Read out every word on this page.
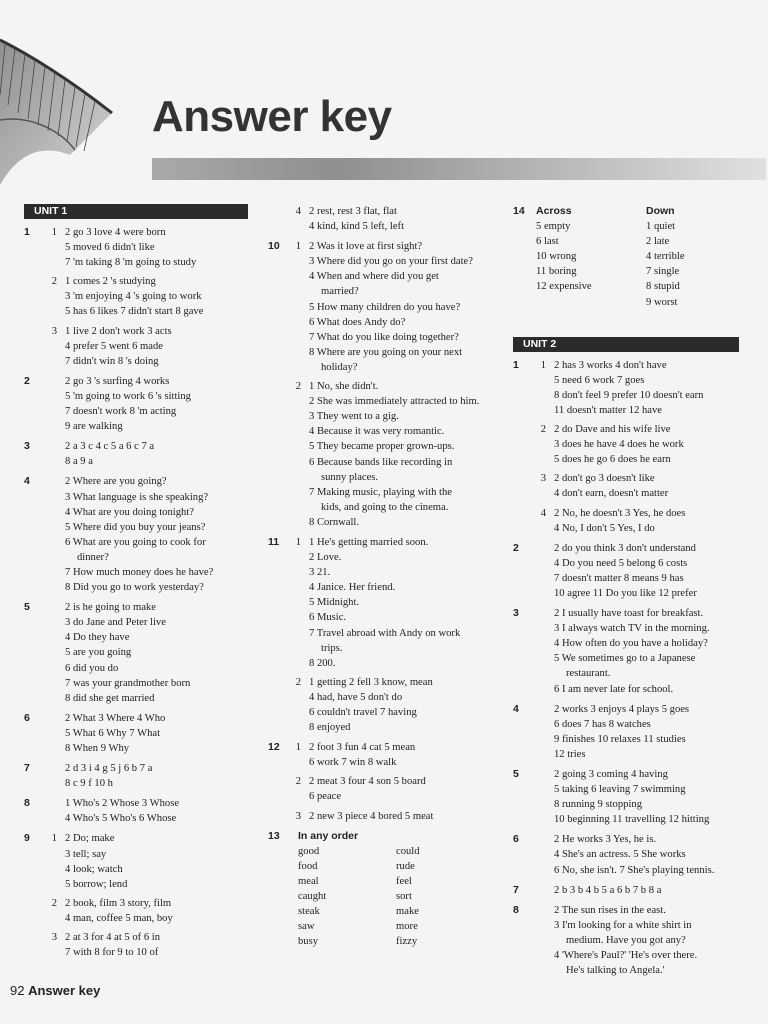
Answer key
UNIT 1
1	1 2 go 3 love 4 were born
5 moved 6 didn't like
7 'm taking 8 'm going to study
2 1 comes 2 's studying
3 'm enjoying 4 's going to work
5 has 6 likes 7 didn't start 8 gave
3 1 live 2 don't work 3 acts
4 prefer 5 went 6 made
7 didn't win 8 's doing
2	2 go 3 's surfing 4 works
5 'm going to work 6 's sitting
7 doesn't work 8 'm acting
9 are walking
3	2 a 3 c 4 c 5 a 6 c 7 a
8 a 9 a
4	2 Where are you going?
3 What language is she speaking?
4 What are you doing tonight?
5 Where did you buy your jeans?
6 What are you going to cook for
dinner?
7 How much money does he have?
8 Did you go to work yesterday?
5	2 is he going to make
3 do Jane and Peter live
4 Do they have
5 are you going
6 did you do
7 was your grandmother born
8 did she get married
6	2 What 3 Where 4 Who
5 What 6 Why 7 What
8 When 9 Why
7	2 d 3 i 4 g 5 j 6 b 7 a
8 c 9 f 10 h
8	1 Who's 2 Whose 3 Whose
4 Who's 5 Who's 6 Whose
9	1 2 Do; make
3 tell; say
4 look; watch
5 borrow; lend
2 2 book, film 3 story, film
4 man, coffee 5 man, boy
3 2 at 3 for 4 at 5 of 6 in
7 with 8 for 9 to 10 of
4 2 rest, rest 3 flat, flat
4 kind, kind 5 left, left
10	1 2 Was it love at first sight?
3 Where did you go on your first date?
4 When and where did you get
married?
5 How many children do you have?
6 What does Andy do?
7 What do you like doing together?
8 Where are you going on your next
holiday?
2 1 No, she didn't.
2 She was immediately attracted to him.
3 They went to a gig.
4 Because it was very romantic.
5 They became proper grown-ups.
6 Because bands like recording in
sunny places.
7 Making music, playing with the
kids, and going to the cinema.
8 Cornwall.
11	1 1 He's getting married soon.
2 Love.
3 21.
4 Janice. Her friend.
5 Midnight.
6 Music.
7 Travel abroad with Andy on work
trips.
8 200.
2 1 getting 2 fell 3 know, mean
4 had, have 5 don't do
6 couldn't travel 7 having
8 enjoyed
12	1 2 foot 3 fun 4 cat 5 mean
6 work 7 win 8 walk
2 2 meat 3 four 4 son 5 board
6 peace
3 2 new 3 piece 4 bored 5 meat
13	In any order
good	could
food	rude
meal	feel
caught	sort
steak	make
saw	more
busy	fizzy
14 Across
5 empty
6 last
10 wrong
11 boring
12 expensive
Down
1 quiet
2 late
4 terrible
7 single
8 stupid
9 worst
UNIT 2
1	1 2 has 3 works 4 don't have
5 need 6 work 7 goes
8 don't feel 9 prefer 10 doesn't earn
11 doesn't matter 12 have
2 2 do Dave and his wife live
3 does he have 4 does he work
5 does he go 6 does he earn
3 2 don't go 3 doesn't like
4 don't earn, doesn't matter
4 2 No, he doesn't 3 Yes, he does
4 No, I don't 5 Yes, I do
2	2 do you think 3 don't understand
4 Do you need 5 belong 6 costs
7 doesn't matter 8 means 9 has
10 agree 11 Do you like 12 prefer
3	2 I usually have toast for breakfast.
3 I always watch TV in the morning.
4 How often do you have a holiday?
5 We sometimes go to a Japanese
restaurant.
6 I am never late for school.
4	2 works 3 enjoys 4 plays 5 goes
6 does 7 has 8 watches
9 finishes 10 relaxes 11 studies
12 tries
5	2 going 3 coming 4 having
5 taking 6 leaving 7 swimming
8 running 9 stopping
10 beginning 11 travelling 12 hitting
6	2 He works 3 Yes, he is.
4 She's an actress. 5 She works
6 No, she isn't. 7 She's playing tennis.
7	2 b 3 b 4 b 5 a 6 b 7 b 8 a
8	2 The sun rises in the east.
3 I'm looking for a white shirt in
medium. Have you got any?
4 'Where's Paul?' 'He's over there.
He's talking to Angela.'
92 Answer key
